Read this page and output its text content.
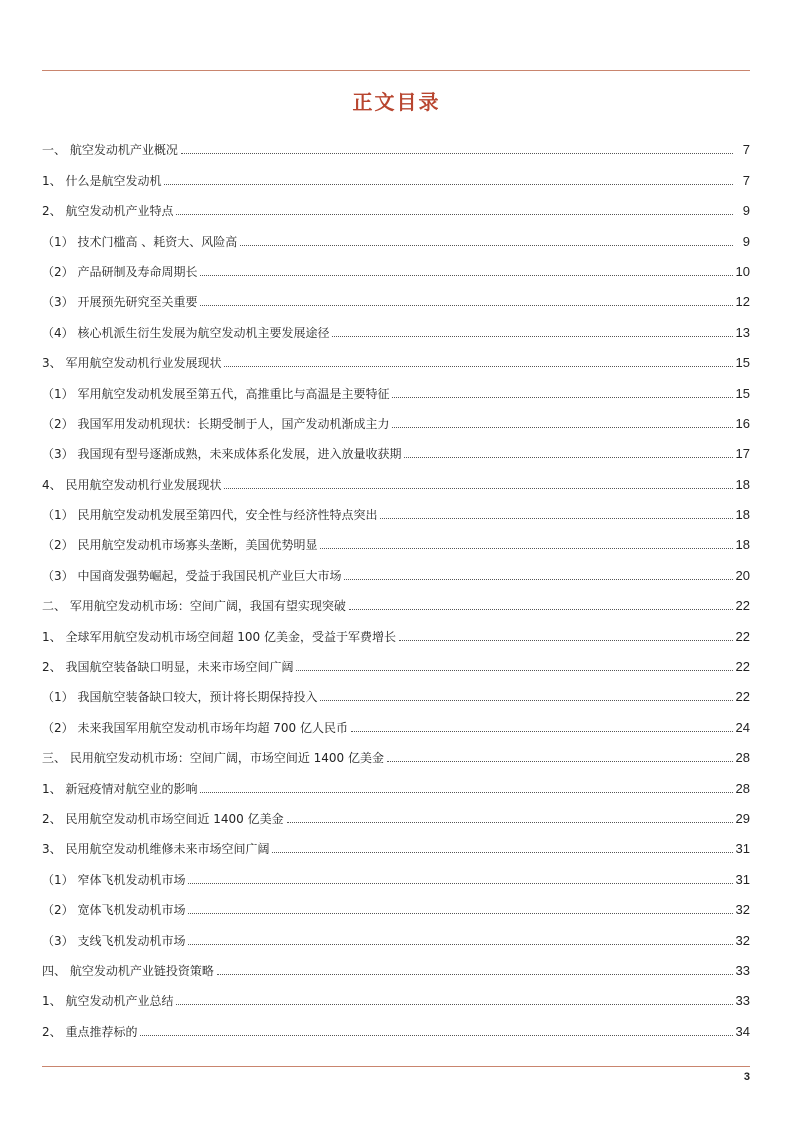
正文目录
一、 航空发动机产业概况	7
1、 什么是航空发动机	7
2、 航空发动机产业特点	9
（1） 技术门槛高 、耗资大、风险高	9
（2） 产品研制及寿命周期长	10
（3） 开展预先研究至关重要	12
（4） 核心机派生衍生发展为航空发动机主要发展途径	13
3、 军用航空发动机行业发展现状	15
（1） 军用航空发动机发展至第五代，高推重比与高温是主要特征	15
（2） 我国军用发动机现状：长期受制于人，国产发动机渐成主力	16
（3） 我国现有型号逐渐成熟，未来成体系化发展，进入放量收获期	17
4、 民用航空发动机行业发展现状	18
（1） 民用航空发动机发展至第四代，安全性与经济性特点突出	18
（2） 民用航空发动机市场寡头垄断，美国优势明显	18
（3） 中国商发强势崛起，受益于我国民机产业巨大市场	20
二、 军用航空发动机市场：空间广阔，我国有望实现突破	22
1、 全球军用航空发动机市场空间超 100 亿美金，受益于军费增长	22
2、 我国航空装备缺口明显，未来市场空间广阔	22
（1） 我国航空装备缺口较大，预计将长期保持投入	22
（2） 未来我国军用航空发动机市场年均超 700 亿人民币	24
三、 民用航空发动机市场：空间广阔，市场空间近 1400 亿美金	28
1、 新冠疫情对航空业的影响	28
2、 民用航空发动机市场空间近 1400 亿美金	29
3、 民用航空发动机维修未来市场空间广阔	31
（1） 窄体飞机发动机市场	31
（2） 宽体飞机发动机市场	32
（3） 支线飞机发动机市场	32
四、 航空发动机产业链投资策略	33
1、 航空发动机产业总结	33
2、 重点推荐标的	34
3
